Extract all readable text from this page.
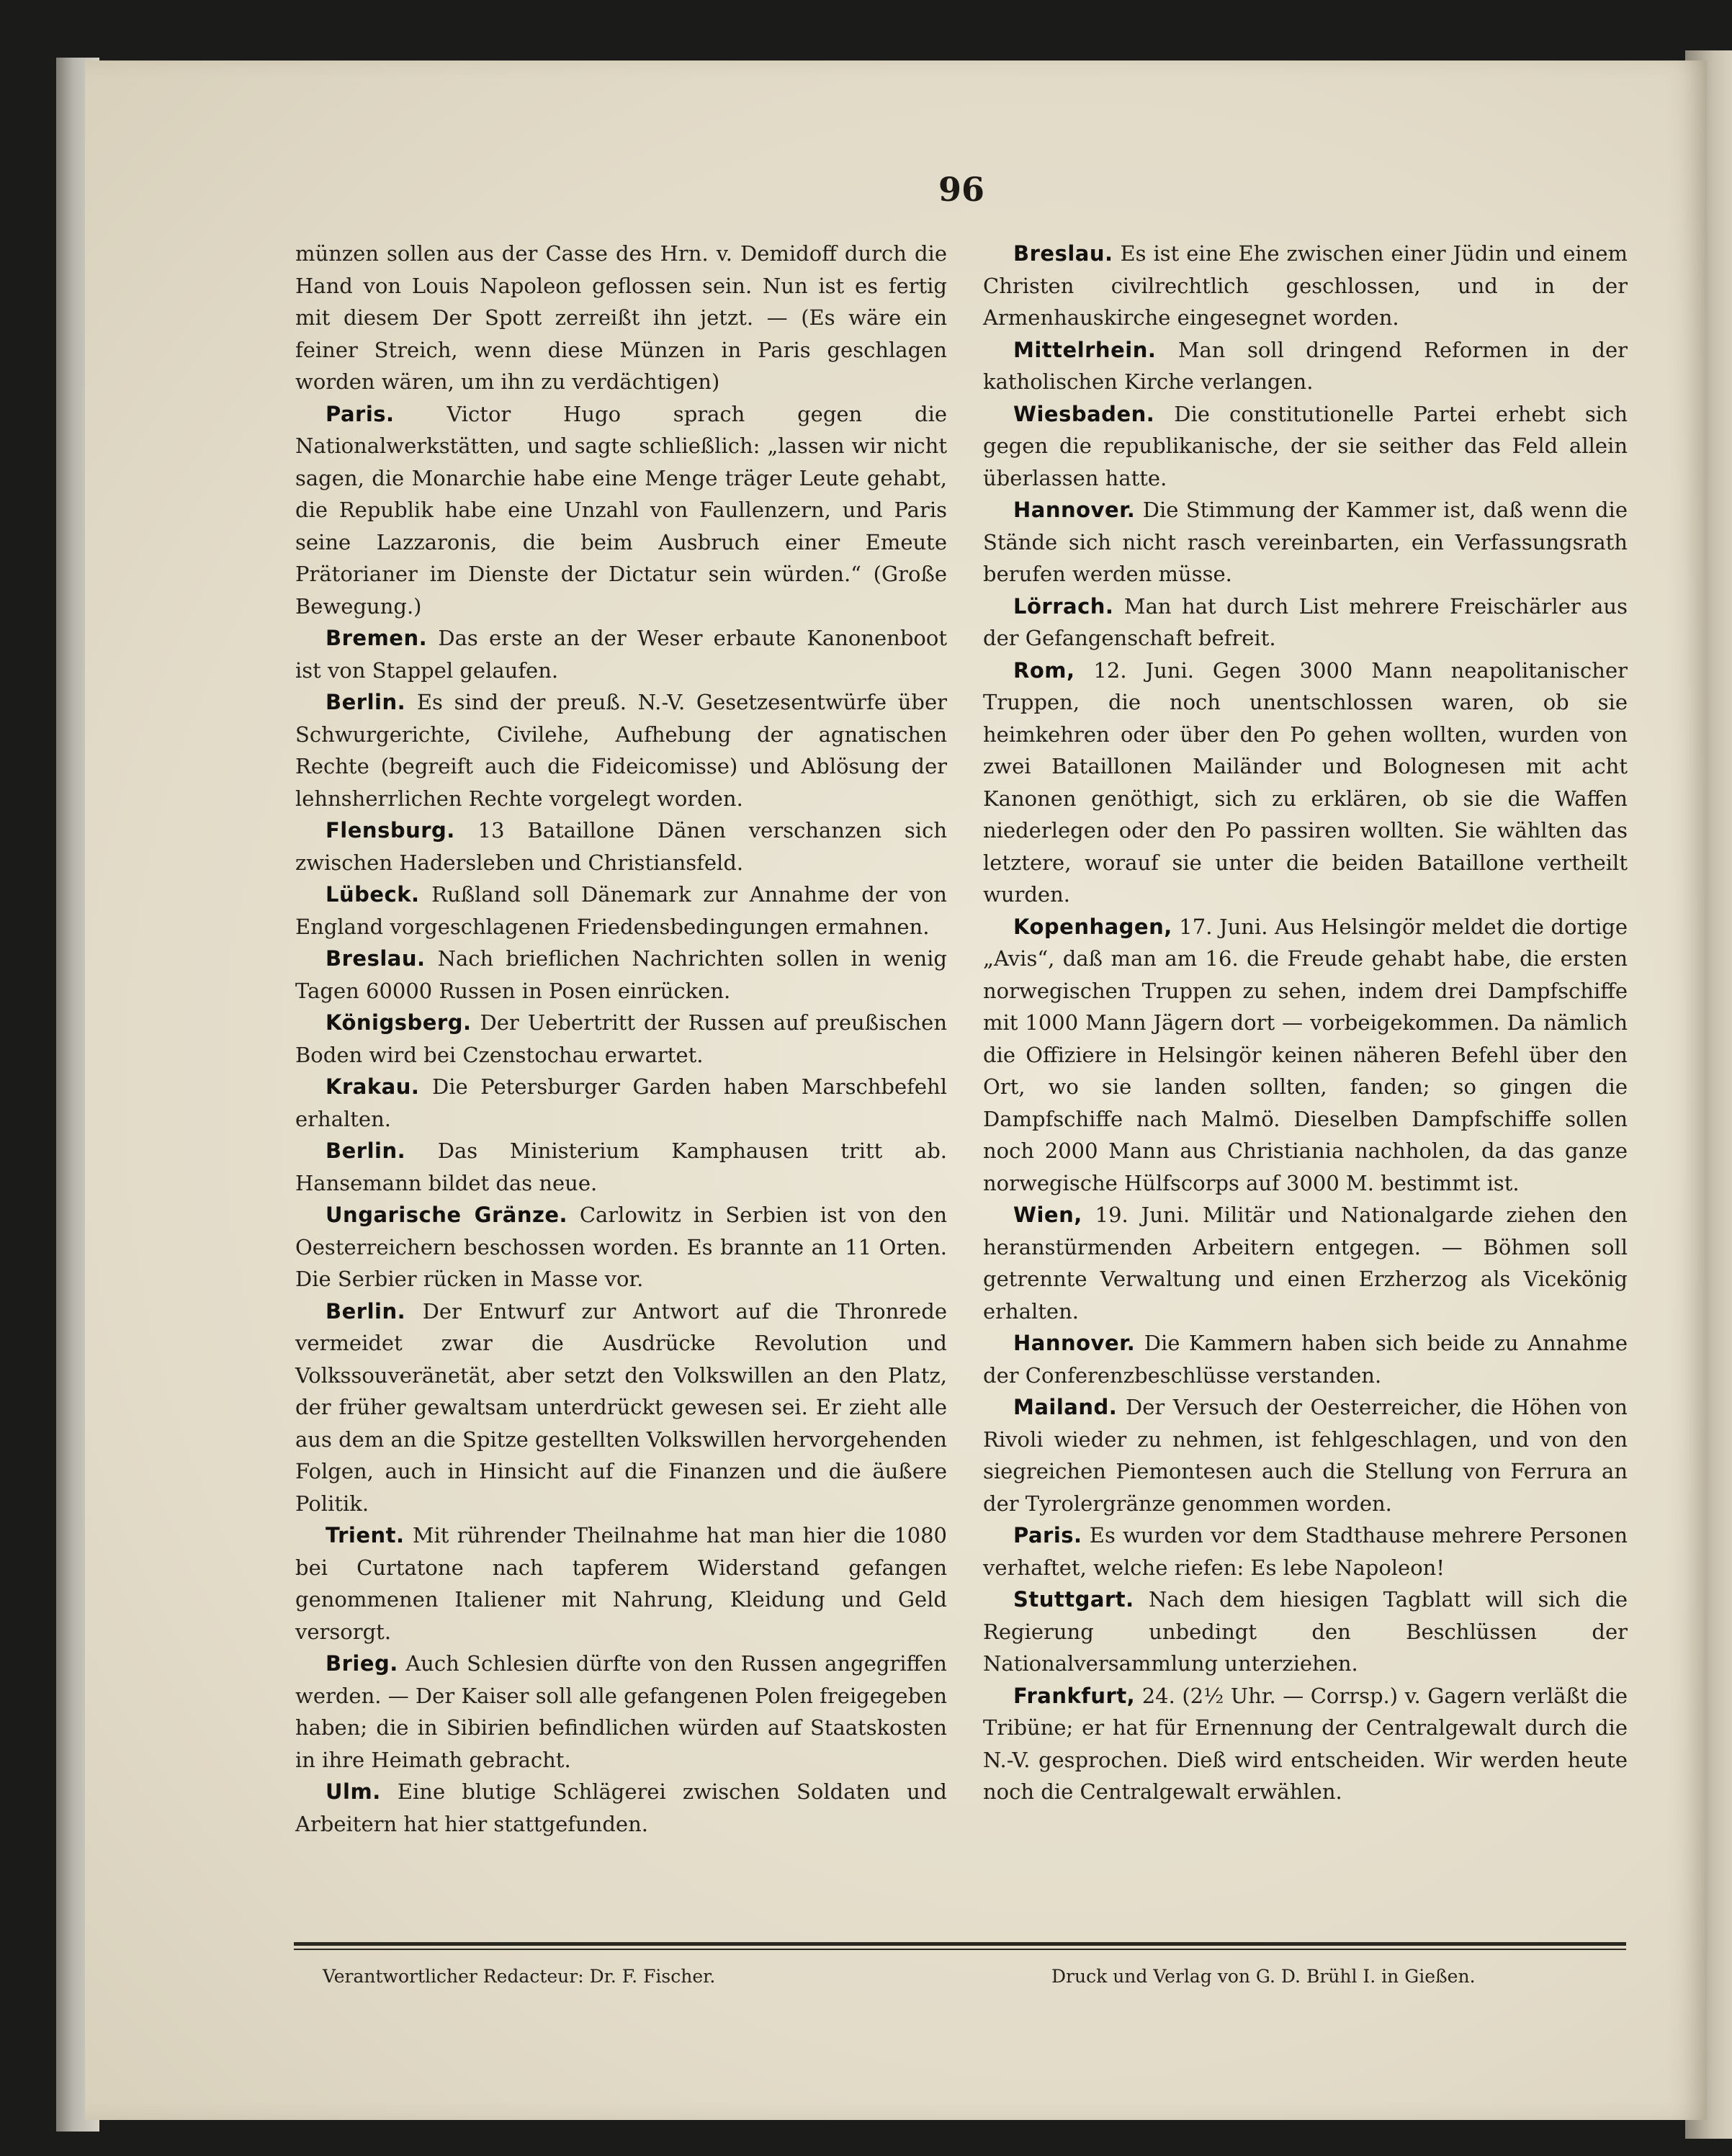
96

münzen sollen aus der Casse des Hrn. v. Demidoff durch die Hand von Louis Napoleon geflossen sein. Nun ist es fertig mit diesem Der Spott zerreißt ihn jetzt. — (Es wäre ein feiner Streich, wenn diese Münzen in Paris geschlagen worden wären, um ihn zu verdächtigen)

Paris. Victor Hugo sprach gegen die Nationalwerkstätten, und sagte schließlich: „lassen wir nicht sagen, die Monarchie habe eine Menge träger Leute gehabt, die Republik habe eine Unzahl von Faullenzern, und Paris seine Lazzaronis, die beim Ausbruch einer Emeute Prätorianer im Dienste der Dictatur sein würden.“ (Große Bewegung.)

Bremen. Das erste an der Weser erbaute Kanonenboot ist von Stappel gelaufen.

Berlin. Es sind der preuß. N.-V. Gesetzesentwürfe über Schwurgerichte, Civilehe, Aufhebung der agnatischen Rechte (begreift auch die Fideicomisse) und Ablösung der lehnsherrlichen Rechte vorgelegt worden.

Flensburg. 13 Bataillone Dänen verschanzen sich zwischen Hadersleben und Christiansfeld.

Lübeck. Rußland soll Dänemark zur Annahme der von England vorgeschlagenen Friedensbedingungen ermahnen.

Breslau. Nach brieflichen Nachrichten sollen in wenig Tagen 60000 Russen in Posen einrücken.

Königsberg. Der Uebertritt der Russen auf preußischen Boden wird bei Czenstochau erwartet.

Krakau. Die Petersburger Garden haben Marschbefehl erhalten.

Berlin. Das Ministerium Kamphausen tritt ab. Hansemann bildet das neue.

Ungarische Gränze. Carlowitz in Serbien ist von den Oesterreichern beschossen worden. Es brannte an 11 Orten. Die Serbier rücken in Masse vor.

Berlin. Der Entwurf zur Antwort auf die Thronrede vermeidet zwar die Ausdrücke Revolution und Volkssouveränetät, aber setzt den Volkswillen an den Platz, der früher gewaltsam unterdrückt gewesen sei. Er zieht alle aus dem an die Spitze gestellten Volkswillen hervorgehenden Folgen, auch in Hinsicht auf die Finanzen und die äußere Politik.

Trient. Mit rührender Theilnahme hat man hier die 1080 bei Curtatone nach tapferem Widerstand gefangen genommenen Italiener mit Nahrung, Kleidung und Geld versorgt.

Brieg. Auch Schlesien dürfte von den Russen angegriffen werden. — Der Kaiser soll alle gefangenen Polen freigegeben haben; die in Sibirien befindlichen würden auf Staatskosten in ihre Heimath gebracht.

Ulm. Eine blutige Schlägerei zwischen Soldaten und Arbeitern hat hier stattgefunden.

Breslau. Es ist eine Ehe zwischen einer Jüdin und einem Christen civilrechtlich geschlossen, und in der Armenhauskirche eingesegnet worden.

Mittelrhein. Man soll dringend Reformen in der katholischen Kirche verlangen.

Wiesbaden. Die constitutionelle Partei erhebt sich gegen die republikanische, der sie seither das Feld allein überlassen hatte.

Hannover. Die Stimmung der Kammer ist, daß wenn die Stände sich nicht rasch vereinbarten, ein Verfassungsrath berufen werden müsse.

Lörrach. Man hat durch List mehrere Freischärler aus der Gefangenschaft befreit.

Rom, 12. Juni. Gegen 3000 Mann neapolitanischer Truppen, die noch unentschlossen waren, ob sie heimkehren oder über den Po gehen wollten, wurden von zwei Bataillonen Mailänder und Bolognesen mit acht Kanonen genöthigt, sich zu erklären, ob sie die Waffen niederlegen oder den Po passiren wollten. Sie wählten das letztere, worauf sie unter die beiden Bataillone vertheilt wurden.

Kopenhagen, 17. Juni. Aus Helsingör meldet die dortige „Avis“, daß man am 16. die Freude gehabt habe, die ersten norwegischen Truppen zu sehen, indem drei Dampfschiffe mit 1000 Mann Jägern dort — vorbeigekommen. Da nämlich die Offiziere in Helsingör keinen näheren Befehl über den Ort, wo sie landen sollten, fanden; so gingen die Dampfschiffe nach Malmö. Dieselben Dampfschiffe sollen noch 2000 Mann aus Christiania nachholen, da das ganze norwegische Hülfscorps auf 3000 M. bestimmt ist.

Wien, 19. Juni. Militär und Nationalgarde ziehen den heranstürmenden Arbeitern entgegen. — Böhmen soll getrennte Verwaltung und einen Erzherzog als Vicekönig erhalten.

Hannover. Die Kammern haben sich beide zu Annahme der Conferenzbeschlüsse verstanden.

Mailand. Der Versuch der Oesterreicher, die Höhen von Rivoli wieder zu nehmen, ist fehlgeschlagen, und von den siegreichen Piemontesen auch die Stellung von Ferrura an der Tyrolergränze genommen worden.

Paris. Es wurden vor dem Stadthause mehrere Personen verhaftet, welche riefen: Es lebe Napoleon!

Stuttgart. Nach dem hiesigen Tagblatt will sich die Regierung unbedingt den Beschlüssen der Nationalversammlung unterziehen.

Frankfurt, 24. (2½ Uhr. — Corrsp.) v. Gagern verläßt die Tribüne; er hat für Ernennung der Centralgewalt durch die N.-V. gesprochen. Dieß wird entscheiden. Wir werden heute noch die Centralgewalt erwählen.

Verantwortlicher Redacteur: Dr. F. Fischer.	Druck und Verlag von G. D. Brühl I. in Gießen.
